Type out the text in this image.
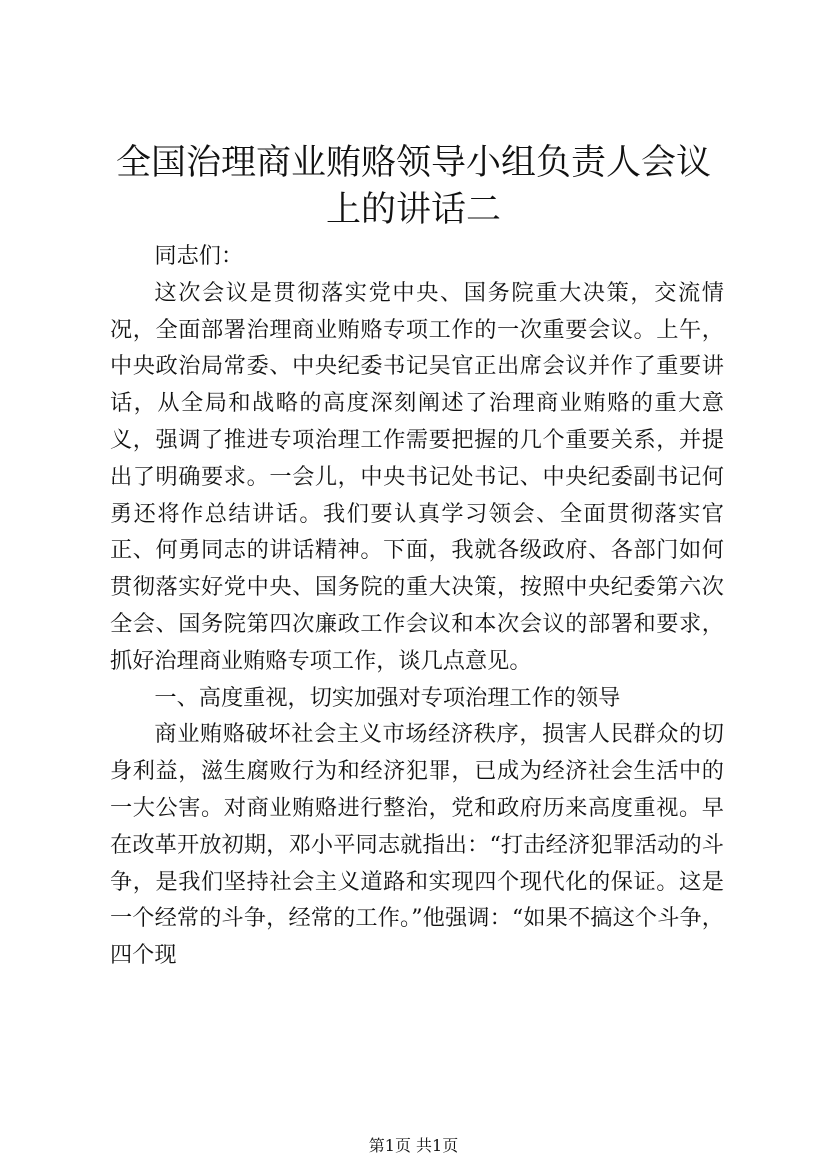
全国治理商业贿赂领导小组负责人会议上的讲话二

同志们：

这次会议是贯彻落实党中央、国务院重大决策，交流情况，全面部署治理商业贿赂专项工作的一次重要会议。上午，中央政治局常委、中央纪委书记吴官正出席会议并作了重要讲话，从全局和战略的高度深刻阐述了治理商业贿赂的重大意义，强调了推进专项治理工作需要把握的几个重要关系，并提出了明确要求。一会儿，中央书记处书记、中央纪委副书记何勇还将作总结讲话。我们要认真学习领会、全面贯彻落实官正、何勇同志的讲话精神。下面，我就各级政府、各部门如何贯彻落实好党中央、国务院的重大决策，按照中央纪委第六次全会、国务院第四次廉政工作会议和本次会议的部署和要求，抓好治理商业贿赂专项工作，谈几点意见。

一、高度重视，切实加强对专项治理工作的领导

商业贿赂破坏社会主义市场经济秩序，损害人民群众的切身利益，滋生腐败行为和经济犯罪，已成为经济社会生活中的一大公害。对商业贿赂进行整治，党和政府历来高度重视。早在改革开放初期，邓小平同志就指出：“打击经济犯罪活动的斗争，是我们坚持社会主义道路和实现四个现代化的保证。这是一个经常的斗争，经常的工作。”他强调：“如果不搞这个斗争，四个现

第1页 共1页
